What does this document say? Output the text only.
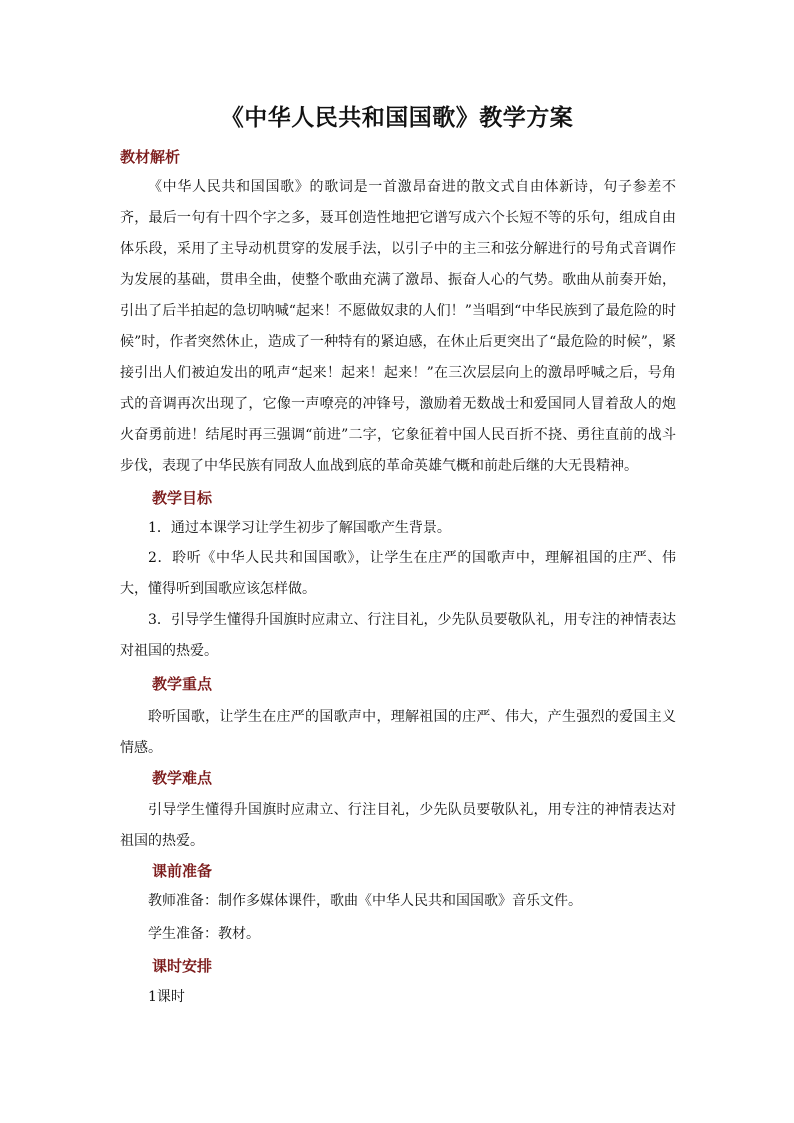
《中华人民共和国国歌》教学方案
教材解析

《中华人民共和国国歌》的歌词是一首激昂奋进的散文式自由体新诗，句子参差不齐，最后一句有十四个字之多，聂耳创造性地把它谱写成六个长短不等的乐句，组成自由体乐段，采用了主导动机贯穿的发展手法，以引子中的主三和弦分解进行的号角式音调作为发展的基础，贯串全曲，使整个歌曲充满了激昂、振奋人心的气势。歌曲从前奏开始，引出了后半拍起的急切呐喊“起来！不愿做奴隶的人们！”当唱到“中华民族到了最危险的时候”时，作者突然休止，造成了一种特有的紧迫感，在休止后更突出了“最危险的时候”，紧接引出人们被迫发出的吼声“起来！起来！起来！”在三次层层向上的激昂呼喊之后，号角式的音调再次出现了，它像一声嘹亮的冲锋号，激励着无数战士和爱国同人冒着敌人的炮火奋勇前进！结尾时再三强调“前进”二字，它象征着中国人民百折不挠、勇往直前的战斗步伐，表现了中华民族有同敌人血战到底的革命英雄气概和前赴后继的大无畏精神。

教学目标

1．通过本课学习让学生初步了解国歌产生背景。

2．聆听《中华人民共和国国歌》，让学生在庄严的国歌声中，理解祖国的庄严、伟大，懂得听到国歌应该怎样做。

3．引导学生懂得升国旗时应肃立、行注目礼，少先队员要敬队礼，用专注的神情表达对祖国的热爱。

教学重点

聆听国歌，让学生在庄严的国歌声中，理解祖国的庄严、伟大，产生强烈的爱国主义情感。

教学难点

引导学生懂得升国旗时应肃立、行注目礼，少先队员要敬队礼，用专注的神情表达对祖国的热爱。

课前准备

教师准备：制作多媒体课件，歌曲《中华人民共和国国歌》音乐文件。

学生准备：教材。

课时安排

1课时
